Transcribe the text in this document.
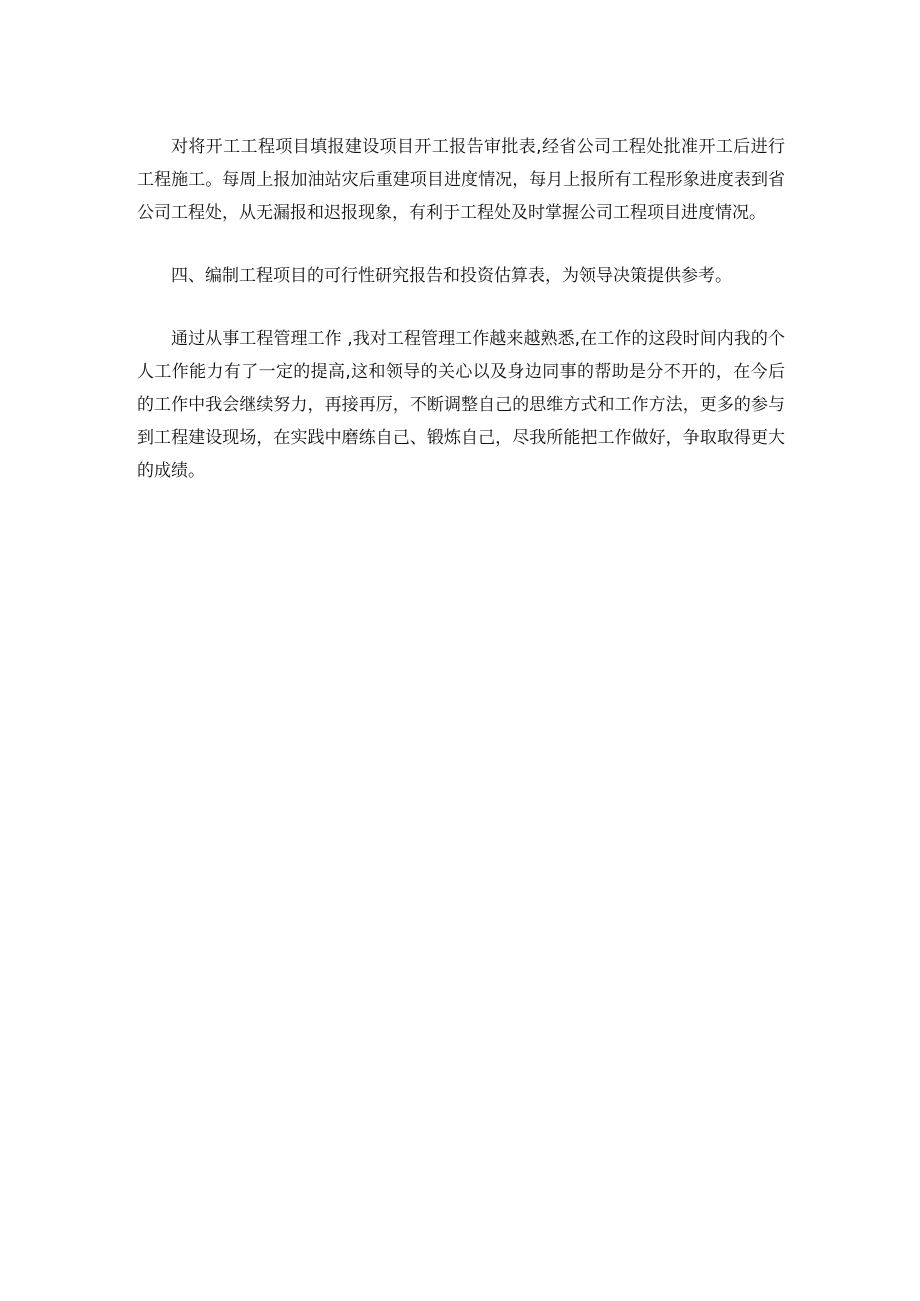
对将开工工程项目填报建设项目开工报告审批表,经省公司工程处批准开工后进行工程施工。每周上报加油站灾后重建项目进度情况，每月上报所有工程形象进度表到省公司工程处，从无漏报和迟报现象，有利于工程处及时掌握公司工程项目进度情况。

四、编制工程项目的可行性研究报告和投资估算表，为领导决策提供参考。

通过从事工程管理工作 ,我对工程管理工作越来越熟悉,在工作的这段时间内我的个人工作能力有了一定的提高,这和领导的关心以及身边同事的帮助是分不开的，在今后的工作中我会继续努力，再接再厉，不断调整自己的思维方式和工作方法，更多的参与到工程建设现场，在实践中磨练自己、锻炼自己，尽我所能把工作做好，争取取得更大的成绩。
